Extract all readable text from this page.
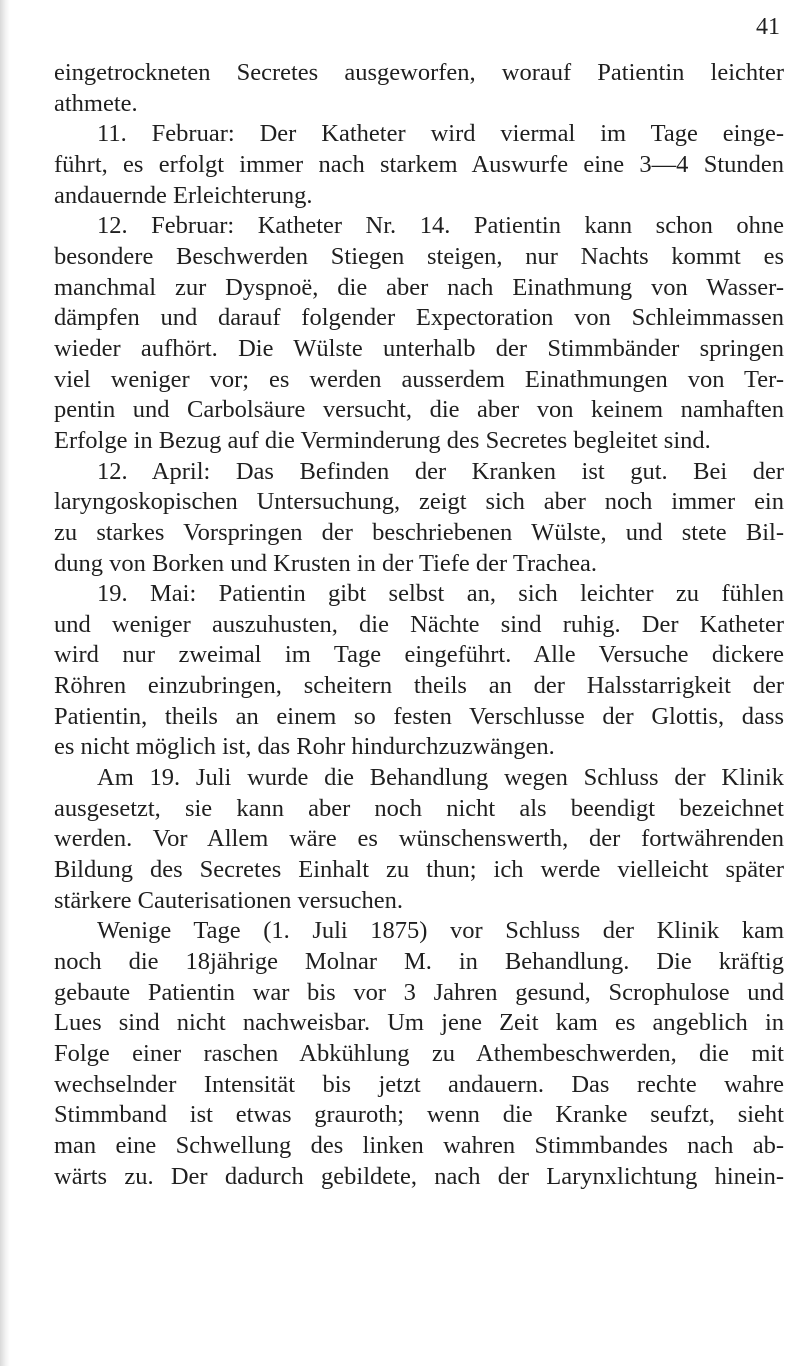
41
eingetrockneten Secretes ausgeworfen, worauf Patientin leichter
athmete.
11. Februar: Der Katheter wird viermal im Tage einge-
führt, es erfolgt immer nach starkem Auswurfe eine 3—4 Stunden
andauernde Erleichterung.
12. Februar: Katheter Nr. 14. Patientin kann schon ohne
besondere Beschwerden Stiegen steigen, nur Nachts kommt es
manchmal zur Dyspnoë, die aber nach Einathmung von Wasser-
dämpfen und darauf folgender Expectoration von Schleimmassen
wieder aufhört. Die Wülste unterhalb der Stimmbänder springen
viel weniger vor; es werden ausserdem Einathmungen von Ter-
pentin und Carbolsäure versucht, die aber von keinem namhaften
Erfolge in Bezug auf die Verminderung des Secretes begleitet sind.
12. April: Das Befinden der Kranken ist gut. Bei der
laryngoskopischen Untersuchung, zeigt sich aber noch immer ein
zu starkes Vorspringen der beschriebenen Wülste, und stete Bil-
dung von Borken und Krusten in der Tiefe der Trachea.
19. Mai: Patientin gibt selbst an, sich leichter zu fühlen
und weniger auszuhusten, die Nächte sind ruhig. Der Katheter
wird nur zweimal im Tage eingeführt. Alle Versuche dickere
Röhren einzubringen, scheitern theils an der Halsstarrigkeit der
Patientin, theils an einem so festen Verschlusse der Glottis, dass
es nicht möglich ist, das Rohr hindurchzuzwängen.
Am 19. Juli wurde die Behandlung wegen Schluss der Klinik
ausgesetzt, sie kann aber noch nicht als beendigt bezeichnet
werden. Vor Allem wäre es wünschenswerth, der fortwährenden
Bildung des Secretes Einhalt zu thun; ich werde vielleicht später
stärkere Cauterisationen versuchen.
Wenige Tage (1. Juli 1875) vor Schluss der Klinik kam
noch die 18jährige Molnar M. in Behandlung. Die kräftig
gebaute Patientin war bis vor 3 Jahren gesund, Scrophulose und
Lues sind nicht nachweisbar. Um jene Zeit kam es angeblich in
Folge einer raschen Abkühlung zu Athembeschwerden, die mit
wechselnder Intensität bis jetzt andauern. Das rechte wahre
Stimmband ist etwas grauroth; wenn die Kranke seufzt, sieht
man eine Schwellung des linken wahren Stimmbandes nach ab-
wärts zu. Der dadurch gebildete, nach der Larynxlichtung hinein-
